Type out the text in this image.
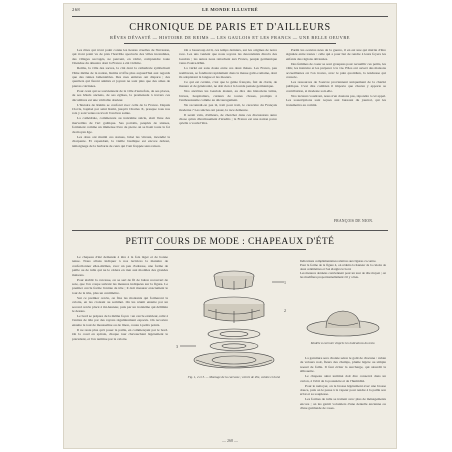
268	LE MONDE ILLUSTRÉ
CHRONIQUE DE PARIS ET D'AILLEURS
RÊVES DÉVASTÉ — HISTOIRE DE REIMS — LES GAULOIS ET LES FRANCS — UNE BELLE OEUVRE

Les êtres qui n'ont point connu les heures cruelles de l'invasion, qui n'ont point vu de près l'horrible spectacle des villes incendiées, des villages saccagés, ne peuvent, en vérité, comprendre toute l'étendue du désastre dont la France a été victime.

Reims, la ville des sacres, la cité dont la cathédrale symbolisait l'âme même de la nation, Reims n'offre plus aujourd'hui aux regards que des ruines lamentables. Des rues entières ont disparu ; des quartiers qui furent animés et joyeux ne sont plus que des amas de pierres calcinées.

Pour ceux qui se souviennent de la ville d'autrefois, de ses places, de ses hôtels anciens, de ses églises, la promenade à travers ces décombres est une véritable douleur.

L'histoire de Reims se confond avec celle de la France. Depuis Clovis, baptisé par saint Remi, jusqu'à Charles X, presque tous nos rois y sont venus recevoir l'onction sainte.

La cathédrale, commencée au treizième siècle, était l'une des merveilles de l'art gothique. Ses portails, peuplés de statues, formaient comme un immense livre de pierre où se lisait toute la foi du moyen âge.

Les obus ont mutilé ces statues, brisé les vitraux, incendié la charpente. Et cependant, la vieille basilique est encore debout, témoignage de la barbarie de ceux qui l'ont frappée sans raison.

On a beaucoup écrit, ces temps derniers, sur les origines de notre race. Les uns veulent que nous soyons les descendants directs des Gaulois ; les autres nous rattachent aux Francs, peuple germanique venu d'outre-Rhin.

La vérité est sans doute entre ces deux thèses. Les Francs, peu nombreux, se fondirent rapidement dans la masse gallo-romaine, dont ils adoptèrent la langue et les moeurs.

Ce qui est certain, c'est que le génie français, fait de clarté, de mesure et de générosité, ne doit rien à la lourde pensée germanique.

Nos ancêtres les Gaulois étaient, au dire des historiens latins, braves, hospitaliers, curieux de toutes choses, prompts à l'enthousiasme comme au découragement.

Ne reconnaît-on pas là, trait pour trait, le caractère du Français moderne ? Les siècles ont passé, la race demeure.

Il serait vain, d'ailleurs, de chercher dans ces discussions autre chose qu'un divertissement d'érudits ; la France est une nation parce qu'elle a voulu l'être.

Parmi les oeuvres nées de la guerre, il en est une qui mérite d'être signalée entre toutes : celle qui a pour but de rendre à leurs foyers les enfants des régions dévastées.

Des femmes de coeur se sont groupées pour recueillir ces petits, les vêtir, les instruire et les préparer à la vie. Elles ont ouvert des maisons accueillantes où l'on trouve, avec le pain quotidien, la tendresse qui console.

Les ressources de l'oeuvre proviennent uniquement de la charité publique. C'est dire combien il importe que chacun y apporte sa contribution, si modeste soit-elle.

Nos lecteurs voudront, nous n'en doutons pas, répondre à cet appel. Les souscriptions sont reçues aux bureaux du journal, qui les transmettra au comité.

FRANÇOIS DE NION.
PETIT COURS DE MODE : CHAPEAUX D'ÉTÉ

Le chapeau d'été demande à être à la fois léger et de bonne tenue. Nous allons indiquer à nos lectrices la manière de confectionner elles-mêmes, avec un peu d'adresse, une forme de paille ou de tulle qui ne le cédera en rien aux modèles des grandes maisons.

Pour établir la carcasse, on se sert de fil de laiton recouvert de soie, que l'on coupe suivant les mesures indiquées sur la figure. Le premier cercle forme l'entrée de tête ; il doit mesurer exactement le tour de la tête, plus un centimètre.

Sur ce premier cercle, on fixe les montants qui formeront la calotte, en les croisant au sommet. On les réunit ensuite par un second cercle placé à mi-hauteur, puis par un troisième qui délimite le dessus.

Le bord se prépare de la même façon : un cercle extérieur, relié à l'entrée de tête par des rayons régulièrement espacés. On recouvre ensuite le tout de mousseline ou de linon, cousu à petits points.

Il ne reste plus qu'à poser la paille, en commençant par le bord. On la coud en spirale, chaque tour chevauchant légèrement le précédent, et l'on termine par la calotte.

1
2
3
Fig. 1, 2 et 3. — Montage de la carcasse ; entrée de tête, calotte et bord.

Indications complémentaires relatives aux figures ci-contre.

Pour la forme de la figure 4, on réduira la hauteur de la calotte de deux centimètres et l'on élargira le bord.

Les mesures données conviennent pour un tour de tête moyen ; on les modifiera proportionnellement s'il y a lieu.

Modèle à exécuter d'après les indications du texte.

La garniture sera choisie selon le goût de chacune : ruban de velours noir, fleurs des champs, plume légère ou simple noeud de faille. Il faut éviter la surcharge, qui alourdit la silhouette.

Le chapeau ainsi terminé doit être conservé dans un carton, à l'abri de la poussière et de l'humidité.

Pour le nettoyer, on le brosse légèrement avec une brosse douce, puis on le passe à la vapeur pour rendre à la paille son éclat et sa souplesse.

Les formes de tulle se traitent avec plus de ménagements encore ; on les garnit volontiers d'une dentelle ancienne ou d'une guirlande de roses.

— 268 —
